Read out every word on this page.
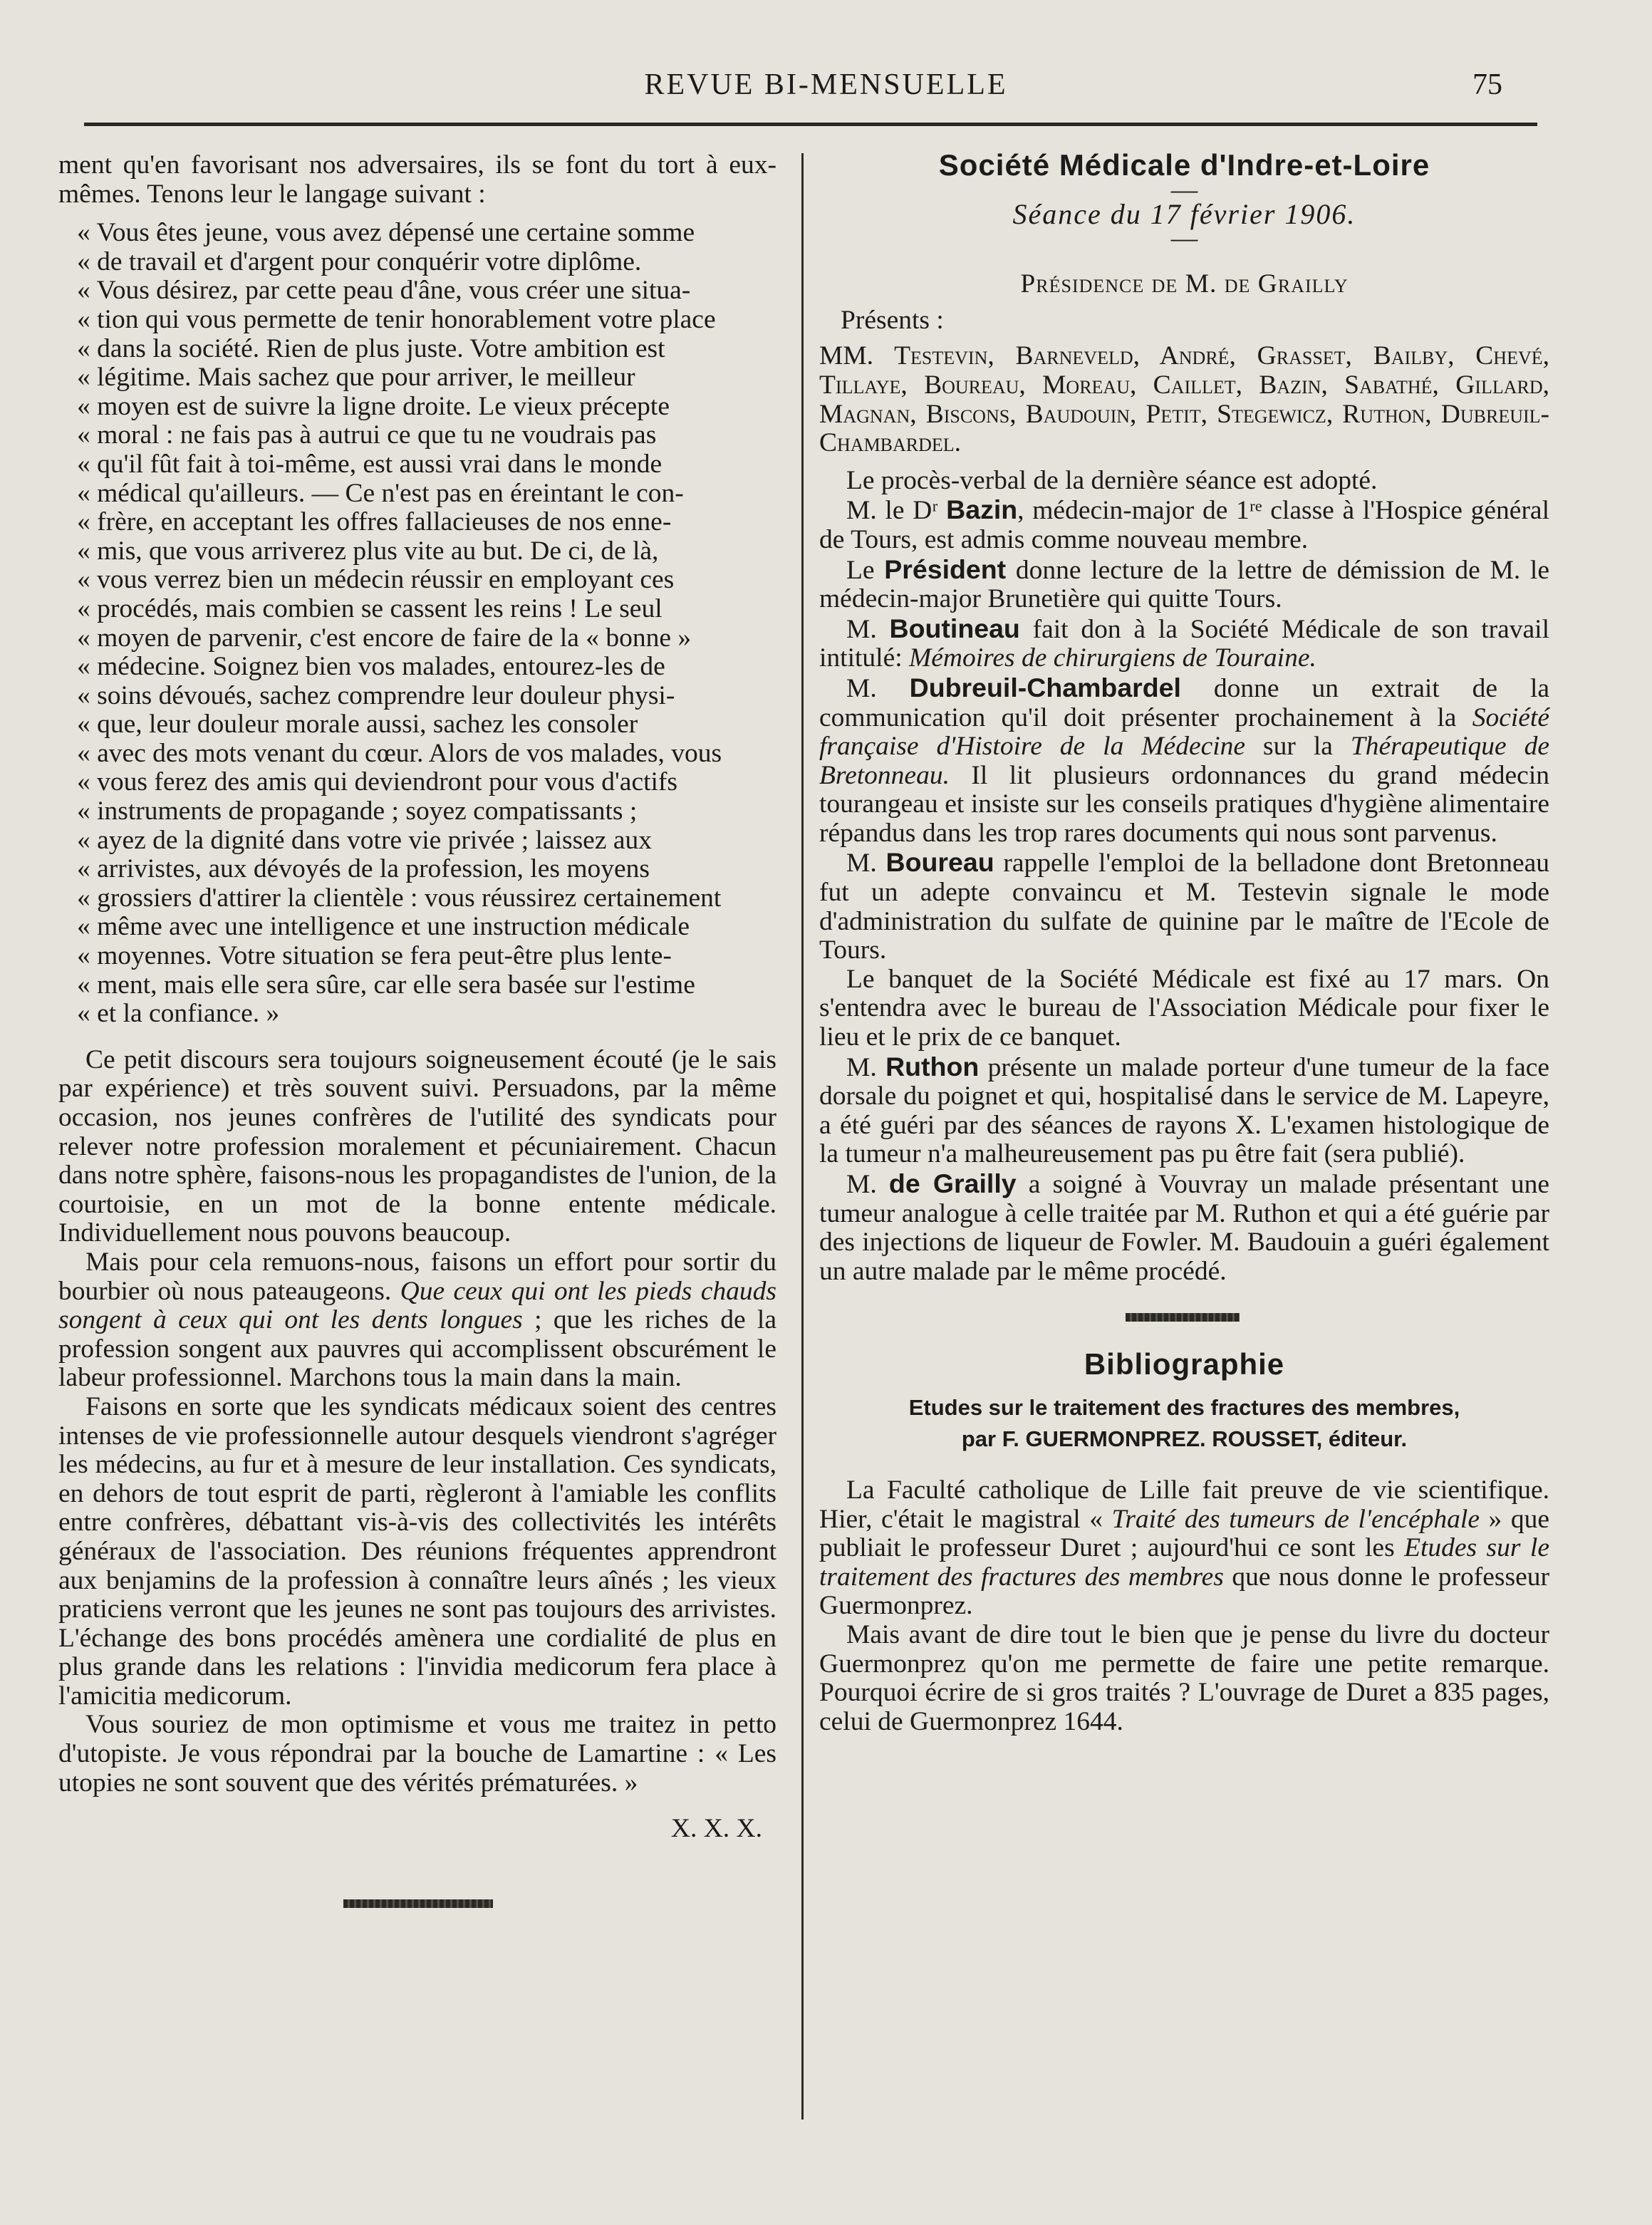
REVUE BI-MENSUELLE	75

ment qu'en favorisant nos adversaires, ils se font du tort à eux-mêmes. Tenons leur le langage suivant :

« Vous êtes jeune, vous avez dépensé une certaine somme
« de travail et d'argent pour conquérir votre diplôme.
« Vous désirez, par cette peau d'âne, vous créer une situa-
« tion qui vous permette de tenir honorablement votre place
« dans la société. Rien de plus juste. Votre ambition est
« légitime. Mais sachez que pour arriver, le meilleur
« moyen est de suivre la ligne droite. Le vieux précepte
« moral : ne fais pas à autrui ce que tu ne voudrais pas
« qu'il fût fait à toi-même, est aussi vrai dans le monde
« médical qu'ailleurs. — Ce n'est pas en éreintant le con-
« frère, en acceptant les offres fallacieuses de nos enne-
« mis, que vous arriverez plus vite au but. De ci, de là,
« vous verrez bien un médecin réussir en employant ces
« procédés, mais combien se cassent les reins ! Le seul
« moyen de parvenir, c'est encore de faire de la « bonne »
« médecine. Soignez bien vos malades, entourez-les de
« soins dévoués, sachez comprendre leur douleur physi-
« que, leur douleur morale aussi, sachez les consoler
« avec des mots venant du cœur. Alors de vos malades, vous
« vous ferez des amis qui deviendront pour vous d'actifs
« instruments de propagande ; soyez compatissants ;
« ayez de la dignité dans votre vie privée ; laissez aux
« arrivistes, aux dévoyés de la profession, les moyens
« grossiers d'attirer la clientèle : vous réussirez certainement
« même avec une intelligence et une instruction médicale
« moyennes. Votre situation se fera peut-être plus lente-
« ment, mais elle sera sûre, car elle sera basée sur l'estime
« et la confiance. »

Ce petit discours sera toujours soigneusement écouté (je le sais par expérience) et très souvent suivi. Persuadons, par la même occasion, nos jeunes confrères de l'utilité des syndicats pour relever notre profession moralement et pécuniairement. Chacun dans notre sphère, faisons-nous les propagandistes de l'union, de la courtoisie, en un mot de la bonne entente médicale. Individuellement nous pouvons beaucoup.

Mais pour cela remuons-nous, faisons un effort pour sortir du bourbier où nous pateaugeons. Que ceux qui ont les pieds chauds songent à ceux qui ont les dents longues ; que les riches de la profession songent aux pauvres qui accomplissent obscurément le labeur professionnel. Marchons tous la main dans la main.

Faisons en sorte que les syndicats médicaux soient des centres intenses de vie professionnelle autour desquels viendront s'agréger les médecins, au fur et à mesure de leur installation. Ces syndicats, en dehors de tout esprit de parti, règleront à l'amiable les conflits entre confrères, débattant vis-à-vis des collectivités les intérêts généraux de l'association. Des réunions fréquentes apprendront aux benjamins de la profession à connaître leurs aînés ; les vieux praticiens verront que les jeunes ne sont pas toujours des arrivistes. L'échange des bons procédés amènera une cordialité de plus en plus grande dans les relations : l'invidia medicorum fera place à l'amicitia medicorum.

Vous souriez de mon optimisme et vous me traitez in petto d'utopiste. Je vous répondrai par la bouche de Lamartine : « Les utopies ne sont souvent que des vérités prématurées. »

X. X. X.

Société Médicale d'Indre-et-Loire

—

Séance du 17 février 1906.

—

Présidence de M. de Grailly

Présents :

MM. Testevin, Barneveld, André, Grasset, Bailby, Chevé, Tillaye, Boureau, Moreau, Caillet, Bazin, Sabathé, Gillard, Magnan, Biscons, Baudouin, Petit, Stegewicz, Ruthon, Dubreuil-Chambardel.

Le procès-verbal de la dernière séance est adopté.

M. le Dʳ Bazin, médecin-major de 1ʳᵉ classe à l'Hospice général de Tours, est admis comme nouveau membre.

Le Président donne lecture de la lettre de démission de M. le médecin-major Brunetière qui quitte Tours.

M. Boutineau fait don à la Société Médicale de son travail intitulé: Mémoires de chirurgiens de Touraine.

M. Dubreuil-Chambardel donne un extrait de la communication qu'il doit présenter prochainement à la Société française d'Histoire de la Médecine sur la Thérapeutique de Bretonneau. Il lit plusieurs ordonnances du grand médecin tourangeau et insiste sur les conseils pratiques d'hygiène alimentaire répandus dans les trop rares documents qui nous sont parvenus.

M. Boureau rappelle l'emploi de la belladone dont Bretonneau fut un adepte convaincu et M. Testevin signale le mode d'administration du sulfate de quinine par le maître de l'Ecole de Tours.

Le banquet de la Société Médicale est fixé au 17 mars. On s'entendra avec le bureau de l'Association Médicale pour fixer le lieu et le prix de ce banquet.

M. Ruthon présente un malade porteur d'une tumeur de la face dorsale du poignet et qui, hospitalisé dans le service de M. Lapeyre, a été guéri par des séances de rayons X. L'examen histologique de la tumeur n'a malheureusement pas pu être fait (sera publié).

M. de Grailly a soigné à Vouvray un malade présentant une tumeur analogue à celle traitée par M. Ruthon et qui a été guérie par des injections de liqueur de Fowler. M. Baudouin a guéri également un autre malade par le même procédé.

Bibliographie

Etudes sur le traitement des fractures des membres,
par F. GUERMONPREZ. ROUSSET, éditeur.

La Faculté catholique de Lille fait preuve de vie scientifique. Hier, c'était le magistral « Traité des tumeurs de l'encéphale » que publiait le professeur Duret ; aujourd'hui ce sont les Etudes sur le traitement des fractures des membres que nous donne le professeur Guermonprez.

Mais avant de dire tout le bien que je pense du livre du docteur Guermonprez qu'on me permette de faire une petite remarque. Pourquoi écrire de si gros traités ? L'ouvrage de Duret a 835 pages, celui de Guermonprez 1644.
